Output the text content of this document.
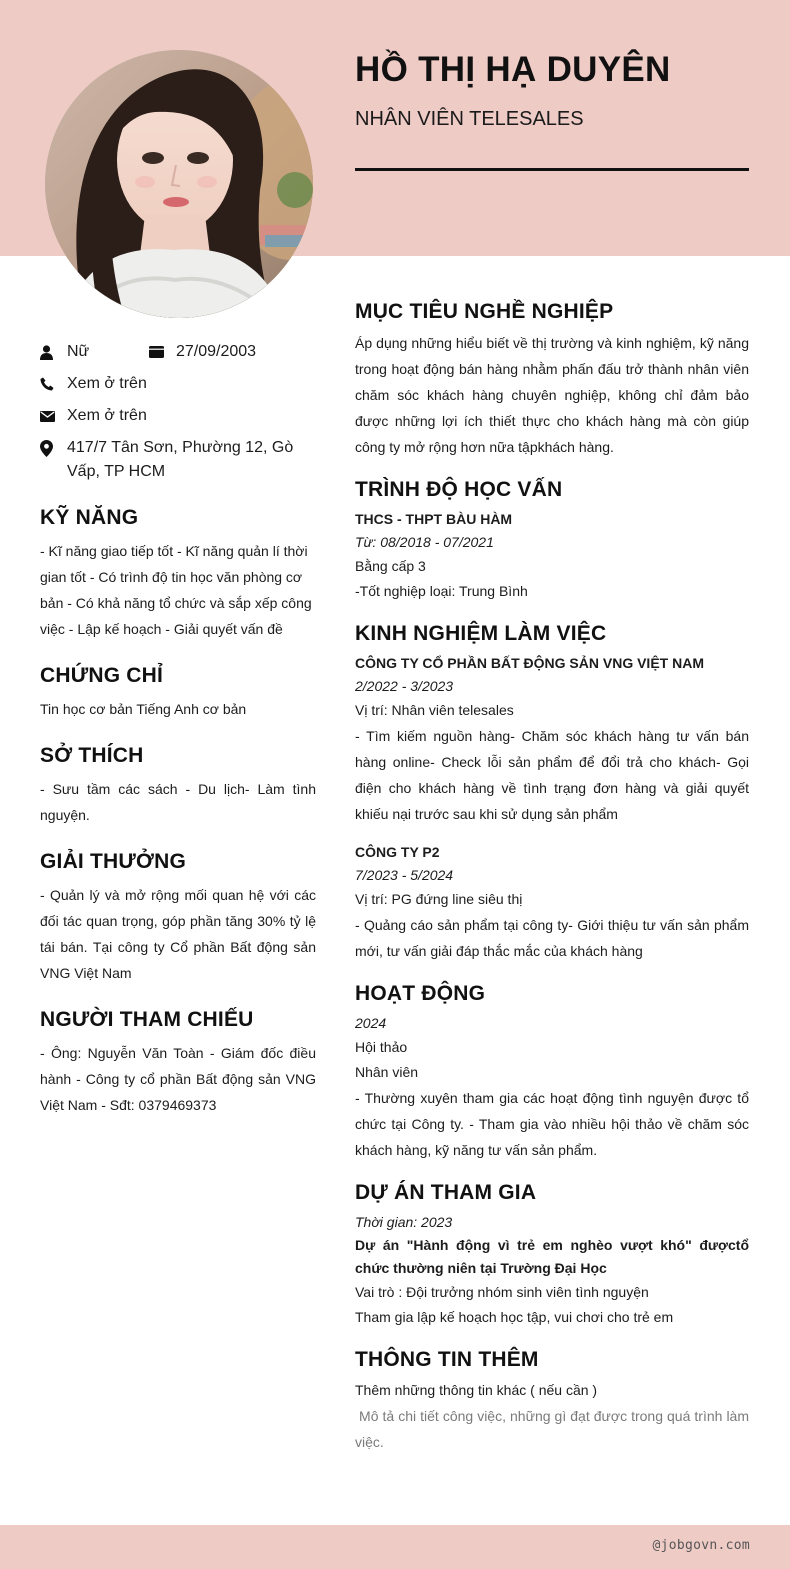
HỒ THỊ HẠ DUYÊN
NHÂN VIÊN TELESALES
Nữ	27/09/2003
Xem ở trên
Xem ở trên
417/7 Tân Sơn, Phường 12, Gò Vấp, TP HCM
KỸ NĂNG
- Kĩ năng giao tiếp tốt - Kĩ năng quản lí thời gian tốt - Có trình độ tin học văn phòng cơ bản - Có khả năng tổ chức và sắp xếp công việc - Lập kế hoạch - Giải quyết vấn đề
CHỨNG CHỈ
Tin học cơ bản Tiếng Anh cơ bản
SỞ THÍCH
- Sưu tầm các sách - Du lịch- Làm tình nguyện.
GIẢI THƯỞNG
- Quản lý và mở rộng mối quan hệ với các đối tác quan trọng, góp phần tăng 30% tỷ lệ tái bán. Tại công ty Cổ phần Bất động sản VNG Việt Nam
NGƯỜI THAM CHIẾU
- Ông: Nguyễn Văn Toàn - Giám đốc điều hành - Công ty cổ phần Bất động sản VNG Việt Nam - Sđt: 0379469373
MỤC TIÊU NGHỀ NGHIỆP
Áp dụng những hiểu biết về thị trường và kinh nghiệm, kỹ năng trong hoạt động bán hàng nhằm phấn đấu trở thành nhân viên chăm sóc khách hàng chuyên nghiệp, không chỉ đảm bảo được những lợi ích thiết thực cho khách hàng mà còn giúp công ty mở rộng hơn nữa tậpkhách hàng.
TRÌNH ĐỘ HỌC VẤN
THCS - THPT BÀU HÀM
Từ: 08/2018 - 07/2021
Bằng cấp 3
-Tốt nghiệp loại: Trung Bình
KINH NGHIỆM LÀM VIỆC
CÔNG TY CỔ PHẦN BẤT ĐỘNG SẢN VNG VIỆT NAM
2/2022 - 3/2023
Vị trí: Nhân viên telesales
- Tìm kiếm nguồn hàng- Chăm sóc khách hàng tư vấn bán hàng online- Check lỗi sản phẩm để đổi trả cho khách- Gọi điện cho khách hàng về tình trạng đơn hàng và giải quyết khiếu nại trước sau khi sử dụng sản phẩm
CÔNG TY P2
7/2023 - 5/2024
Vị trí: PG đứng line siêu thị
- Quảng cáo sản phẩm tại công ty- Giới thiệu tư vấn sản phẩm mới, tư vấn giải đáp thắc mắc của khách hàng
HOẠT ĐỘNG
2024
Hội thảo
Nhân viên
- Thường xuyên tham gia các hoạt động tình nguyện được tổ chức tại Công ty. - Tham gia vào nhiều hội thảo về chăm sóc khách hàng, kỹ năng tư vấn sản phẩm.
DỰ ÁN THAM GIA
Thời gian: 2023
Dự án "Hành động vì trẻ em nghèo vượt khó" đượctổ chức thường niên tại Trường Đại Học
Vai trò : Đội trưởng nhóm sinh viên tình nguyện
Tham gia lập kế hoạch học tập, vui chơi cho trẻ em
THÔNG TIN THÊM
Thêm những thông tin khác ( nếu cần )
Mô tả chi tiết công việc, những gì đạt được trong quá trình làm việc.
@jobgovn.com
